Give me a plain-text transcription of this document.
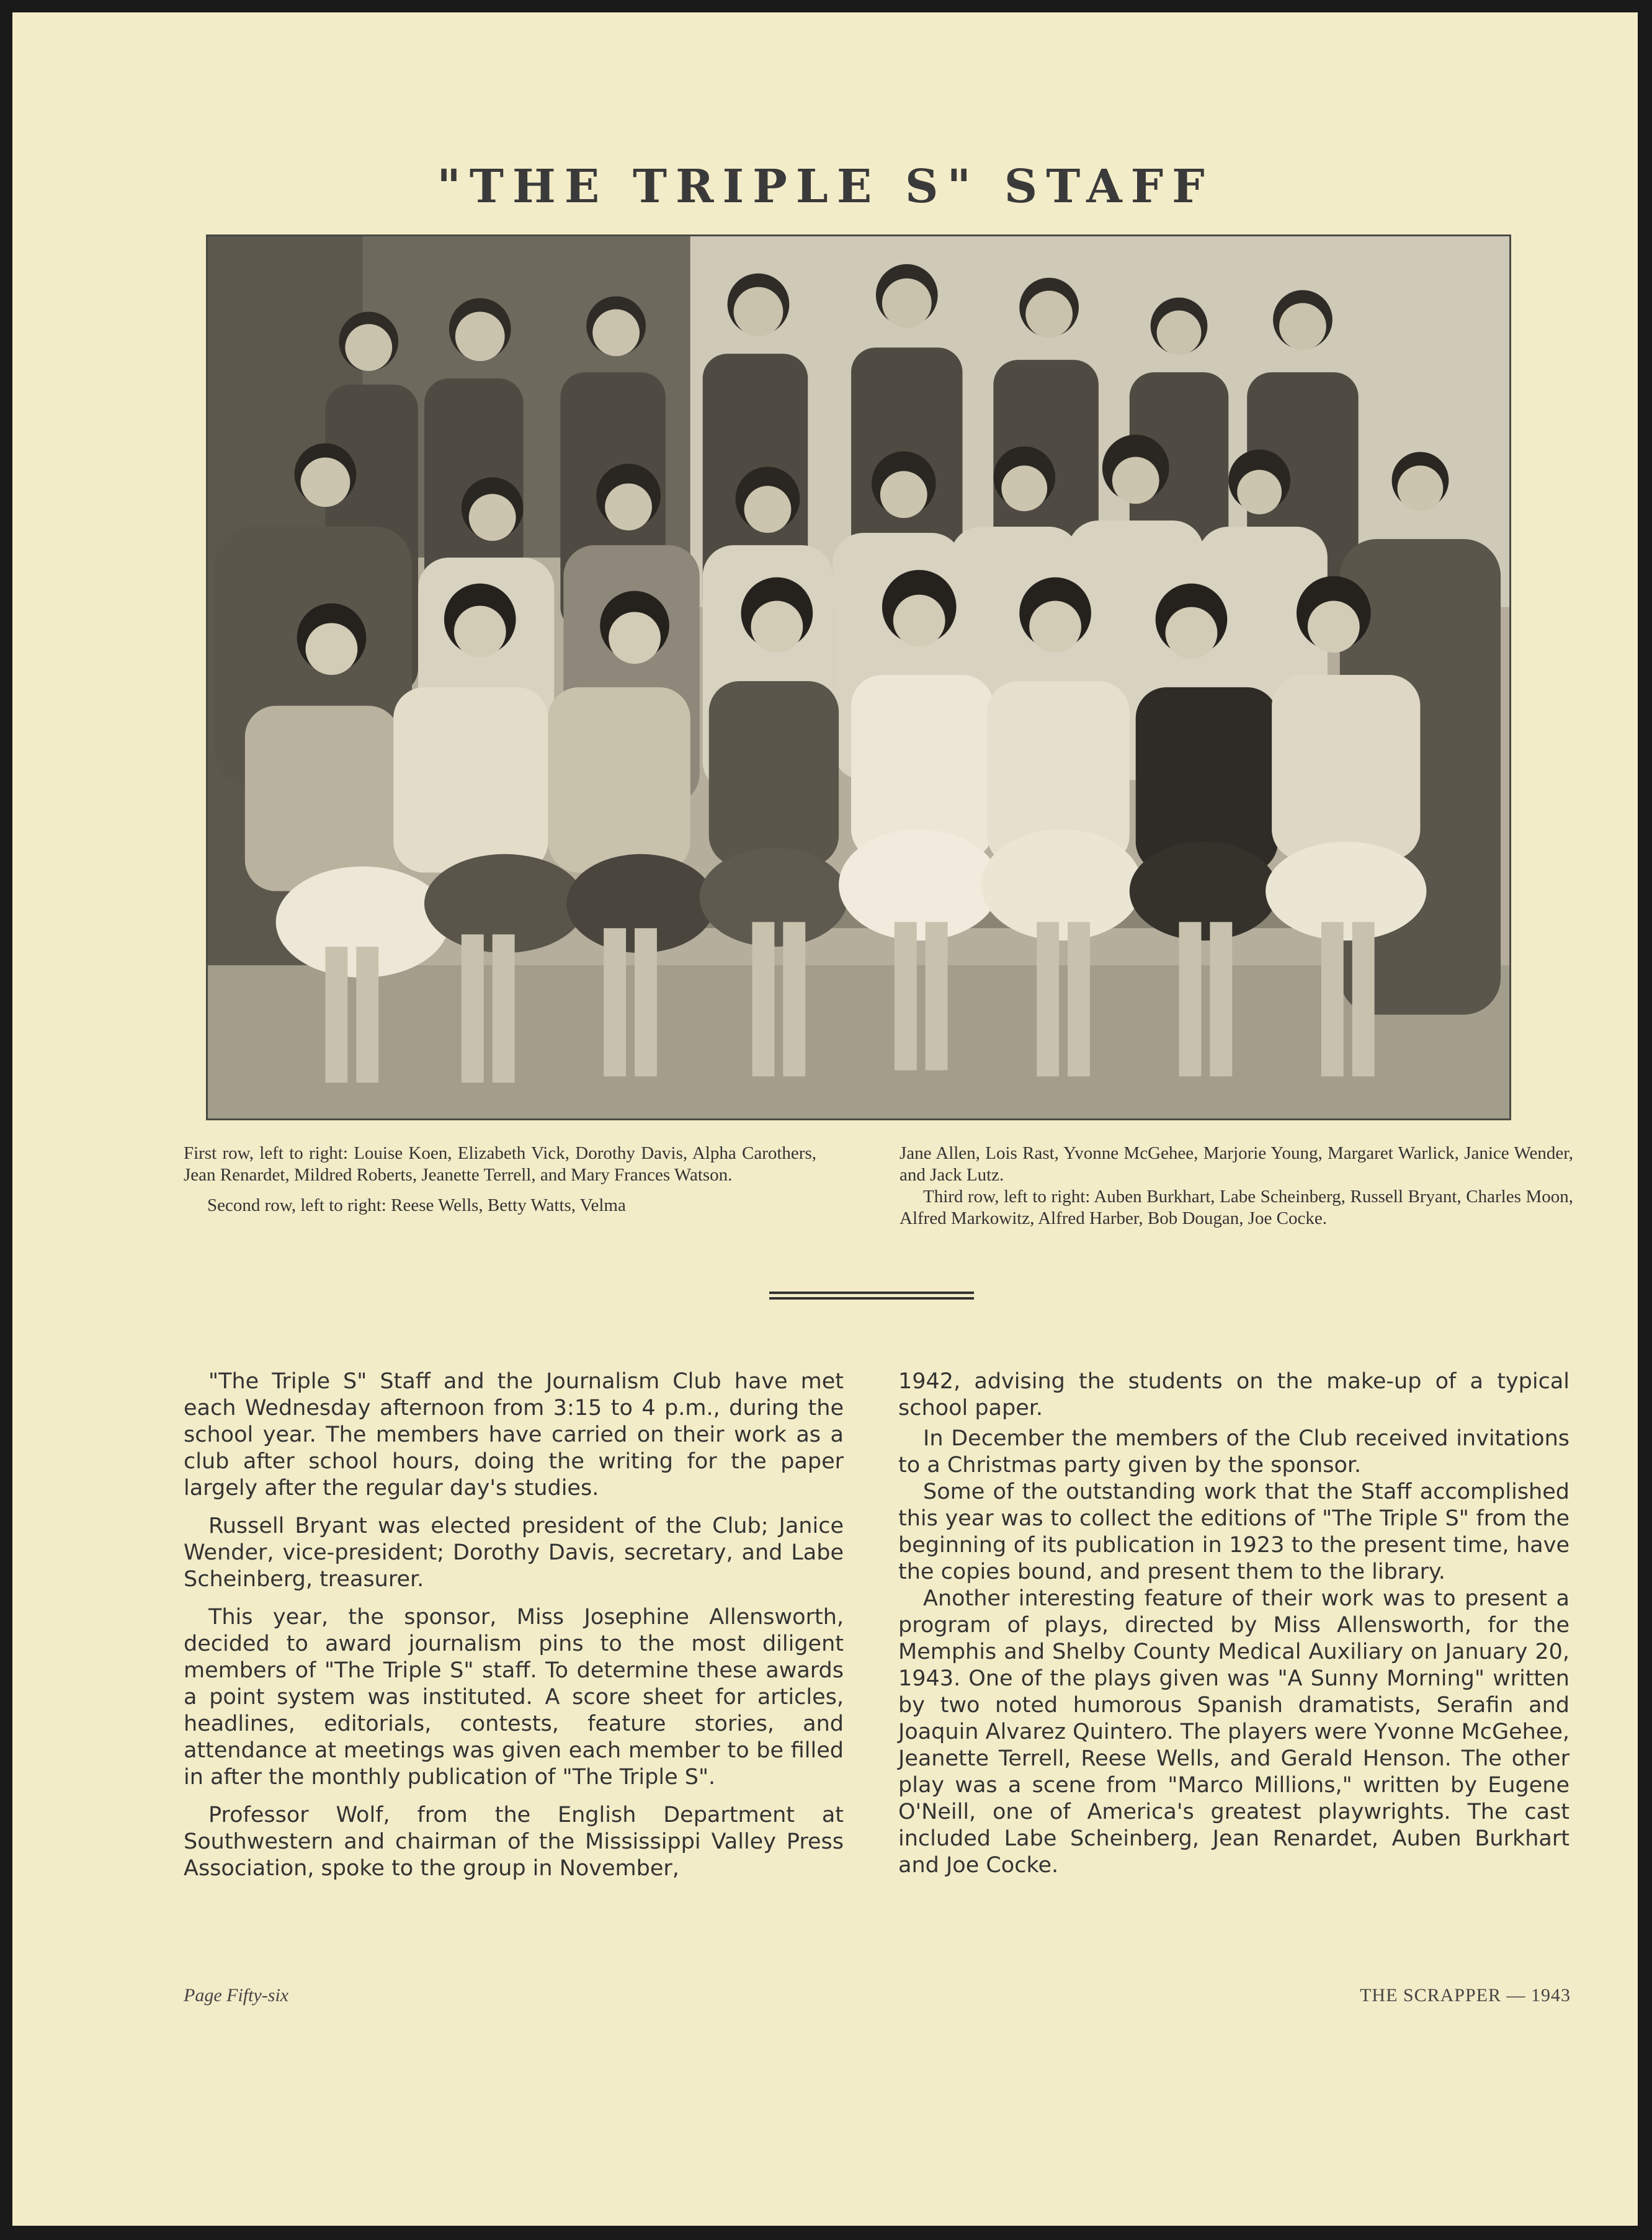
"THE TRIPLE S" STAFF

First row, left to right: Louise Koen, Elizabeth Vick, Dorothy Davis, Alpha Carothers, Jean Renardet, Mildred Roberts, Jeanette Terrell, and Mary Frances Watson.

Second row, left to right: Reese Wells, Betty Watts, Velma

Jane Allen, Lois Rast, Yvonne McGehee, Marjorie Young, Margaret Warlick, Janice Wender, and Jack Lutz.

Third row, left to right: Auben Burkhart, Labe Scheinberg, Russell Bryant, Charles Moon, Alfred Markowitz, Alfred Harber, Bob Dougan, Joe Cocke.

"The Triple S" Staff and the Journalism Club have met each Wednesday afternoon from 3:15 to 4 p.m., during the school year. The members have carried on their work as a club after school hours, doing the writing for the paper largely after the regular day's studies.

Russell Bryant was elected president of the Club; Janice Wender, vice-president; Dorothy Davis, secretary, and Labe Scheinberg, treasurer.

This year, the sponsor, Miss Josephine Allensworth, decided to award journalism pins to the most diligent members of "The Triple S" staff. To determine these awards a point system was instituted. A score sheet for articles, headlines, editorials, contests, feature stories, and attendance at meetings was given each member to be filled in after the monthly publication of "The Triple S".

Professor Wolf, from the English Department at Southwestern and chairman of the Mississippi Valley Press Association, spoke to the group in November,

1942, advising the students on the make-up of a typical school paper.

In December the members of the Club received invitations to a Christmas party given by the sponsor.

Some of the outstanding work that the Staff accomplished this year was to collect the editions of "The Triple S" from the beginning of its publication in 1923 to the present time, have the copies bound, and present them to the library.

Another interesting feature of their work was to present a program of plays, directed by Miss Allensworth, for the Memphis and Shelby County Medical Auxiliary on January 20, 1943. One of the plays given was "A Sunny Morning" written by two noted humorous Spanish dramatists, Serafin and Joaquin Alvarez Quintero. The players were Yvonne McGehee, Jeanette Terrell, Reese Wells, and Gerald Henson. The other play was a scene from "Marco Millions," written by Eugene O'Neill, one of America's greatest playwrights. The cast included Labe Scheinberg, Jean Renardet, Auben Burkhart and Joe Cocke.

Page Fifty-six	THE SCRAPPER — 1943
